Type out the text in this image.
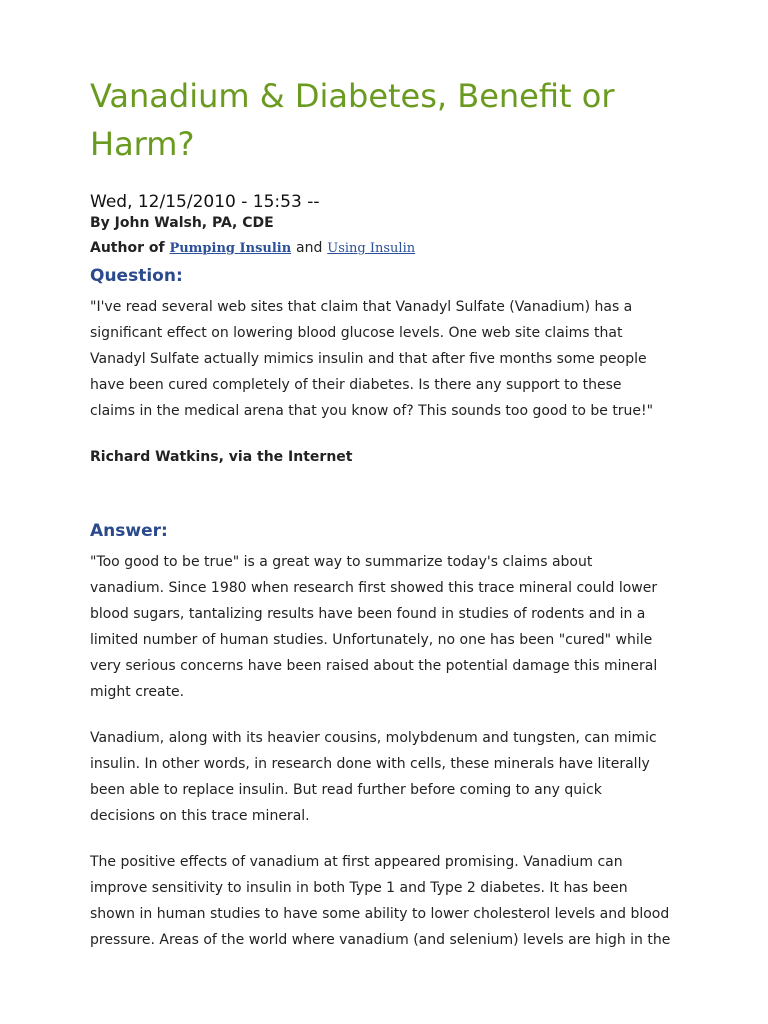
Vanadium & Diabetes, Benefit or
Harm?
Wed, 12/15/2010 - 15:53 --
By John Walsh, PA, CDE
Author of Pumping Insulin and Using Insulin
Question:

"I've read several web sites that claim that Vanadyl Sulfate (Vanadium) has a
significant effect on lowering blood glucose levels. One web site claims that
Vanadyl Sulfate actually mimics insulin and that after five months some people
have been cured completely of their diabetes. Is there any support to these
claims in the medical arena that you know of? This sounds too good to be true!"

Richard Watkins, via the Internet
Answer:

"Too good to be true" is a great way to summarize today's claims about
vanadium. Since 1980 when research first showed this trace mineral could lower
blood sugars, tantalizing results have been found in studies of rodents and in a
limited number of human studies. Unfortunately, no one has been "cured" while
very serious concerns have been raised about the potential damage this mineral
might create.

Vanadium, along with its heavier cousins, molybdenum and tungsten, can mimic
insulin. In other words, in research done with cells, these minerals have literally
been able to replace insulin. But read further before coming to any quick
decisions on this trace mineral.

The positive effects of vanadium at first appeared promising. Vanadium can
improve sensitivity to insulin in both Type 1 and Type 2 diabetes. It has been
shown in human studies to have some ability to lower cholesterol levels and blood
pressure. Areas of the world where vanadium (and selenium) levels are high in the
